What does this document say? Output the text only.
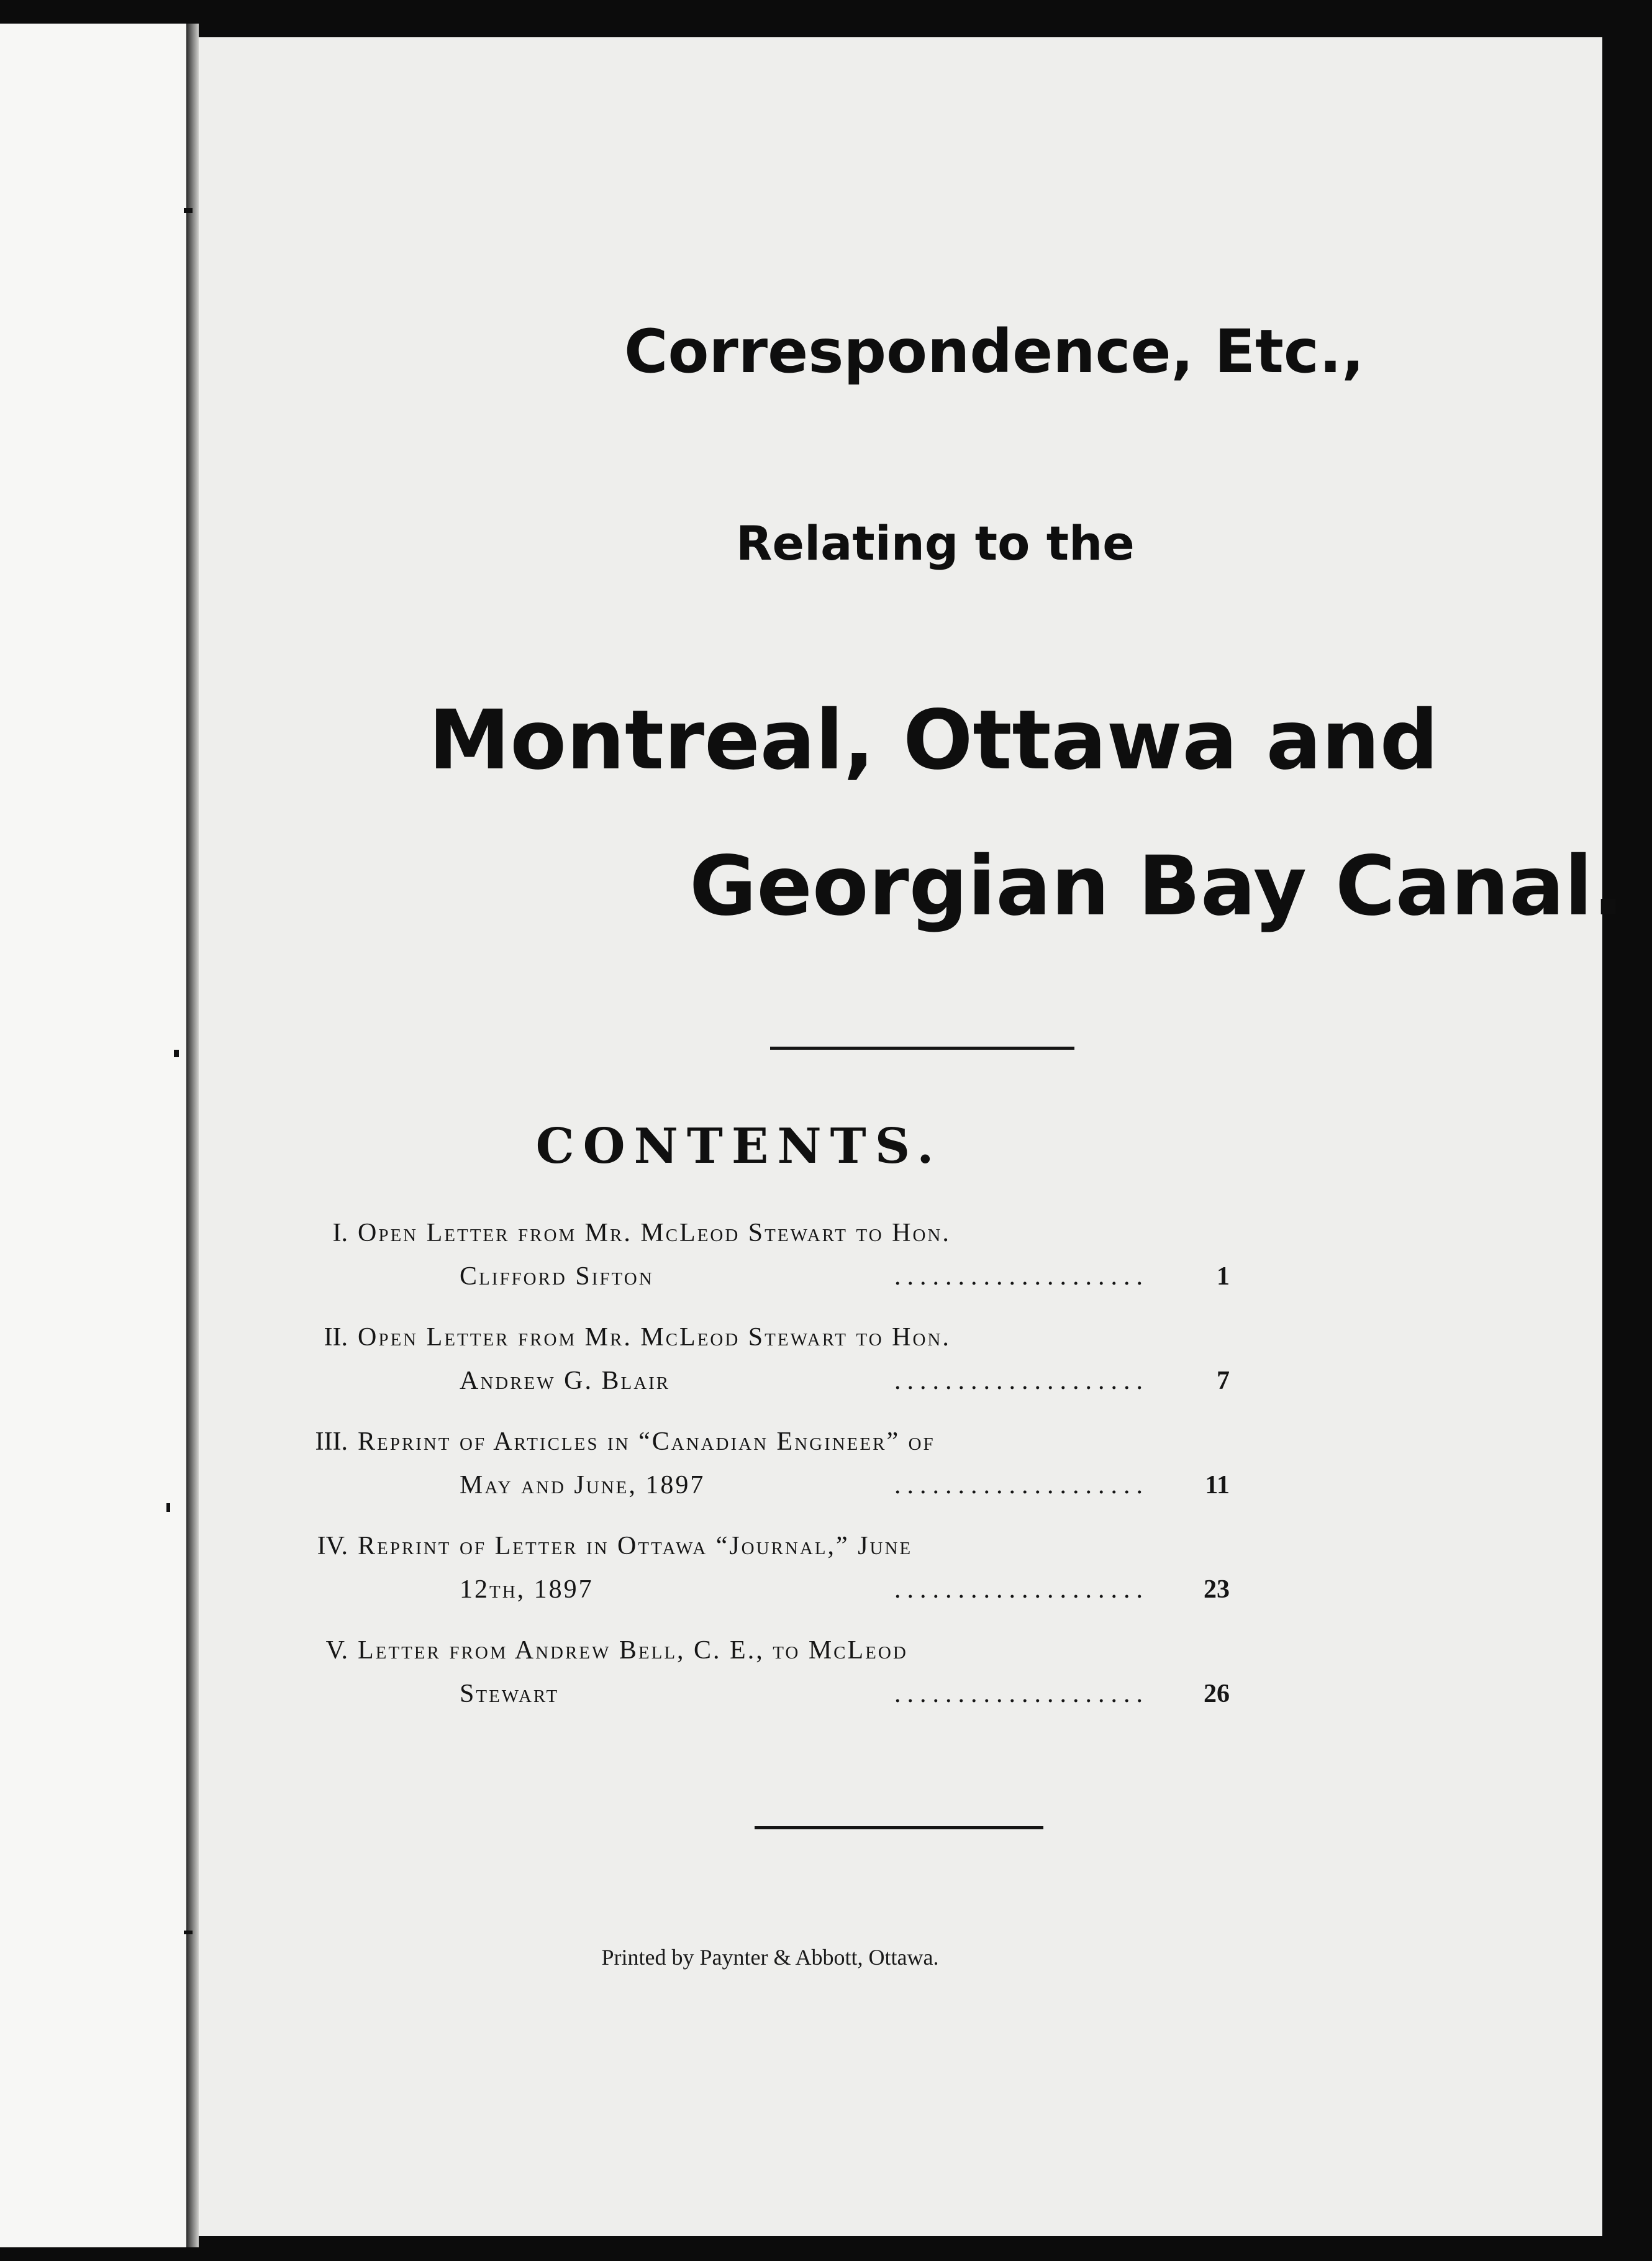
Correspondence, Etc.,
Relating to the
Montreal, Ottawa and
Georgian Bay Canal.
CONTENTS.
I. Open Letter from Mr. McLeod Stewart to Hon.
Clifford Sifton	....................	1
II. Open Letter from Mr. McLeod Stewart to Hon.
Andrew G. Blair	....................	7
III. Reprint of Articles in “Canadian Engineer” of
May and June, 1897	....................	11
IV. Reprint of Letter in Ottawa “Journal,” June
12th, 1897	....................	23
V. Letter from Andrew Bell, C. E., to McLeod
Stewart	....................	26

Printed by Paynter & Abbott, Ottawa.
